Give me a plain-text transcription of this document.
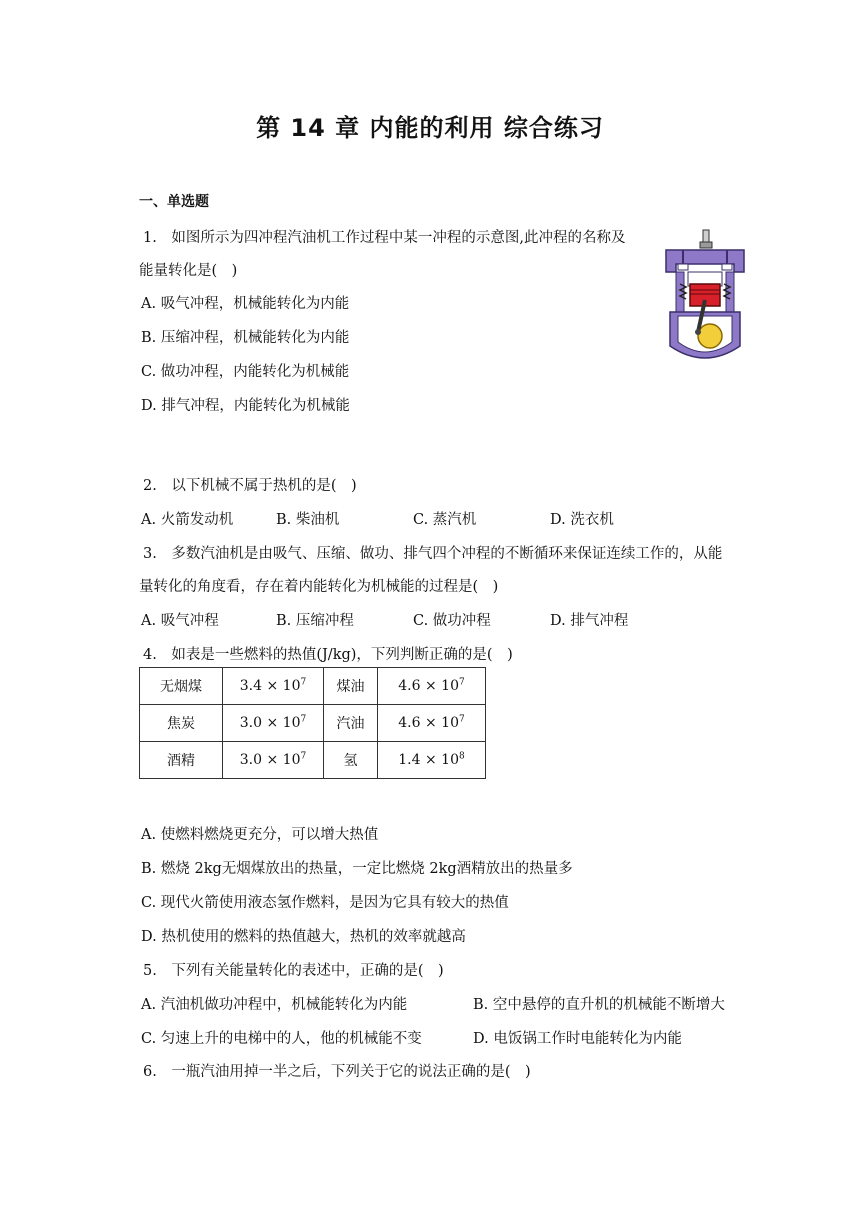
第 14 章 内能的利用 综合练习
一、单选题
1.　如图所示为四冲程汽油机工作过程中某一冲程的示意图,此冲程的名称及
能量转化是(　)
A. 吸气冲程，机械能转化为内能
B. 压缩冲程，机械能转化为内能
C. 做功冲程，内能转化为机械能
D. 排气冲程，内能转化为机械能
2.　以下机械不属于热机的是(　)
A. 火箭发动机	B. 柴油机	C. 蒸汽机	D. 洗衣机
3.　多数汽油机是由吸气、压缩、做功、排气四个冲程的不断循环来保证连续工作的，从能
量转化的角度看，存在着内能转化为机械能的过程是(　)
A. 吸气冲程	B. 压缩冲程	C. 做功冲程	D. 排气冲程
4.　如表是一些燃料的热值(J/kg)，下列判断正确的是(　)
无烟煤	$3.4 \times 10^7$	煤油	$4.6 \times 10^7$
焦炭	$3.0 \times 10^7$	汽油	$4.6 \times 10^7$
酒精	$3.0 \times 10^7$	氢	$1.4 \times 10^8$
A. 使燃料燃烧更充分，可以增大热值
B. 燃烧 2kg无烟煤放出的热量，一定比燃烧 2kg酒精放出的热量多
C. 现代火箭使用液态氢作燃料，是因为它具有较大的热值
D. 热机使用的燃料的热值越大，热机的效率就越高
5.　下列有关能量转化的表述中，正确的是(　)
A. 汽油机做功冲程中，机械能转化为内能	B. 空中悬停的直升机的机械能不断增大
C. 匀速上升的电梯中的人，他的机械能不变	D. 电饭锅工作时电能转化为内能
6.　一瓶汽油用掉一半之后，下列关于它的说法正确的是(　)
